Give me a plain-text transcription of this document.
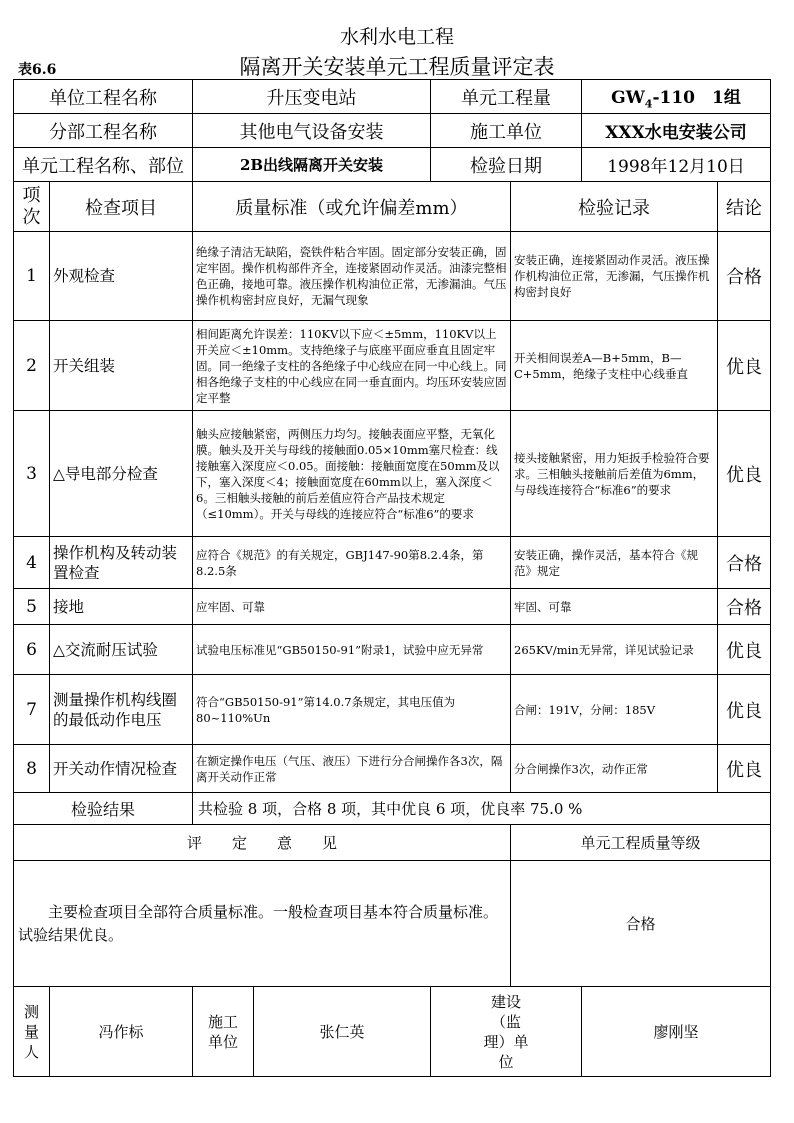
水利水电工程
隔离开关安装单元工程质量评定表
表6.6
单位工程名称		升压变电站		单元工程量		$GW_4-110$　1组	
分部工程名称		其他电气设备安装		施工单位		XXX水电安装公司	
单元工程名称、部位		2B出线隔离开关安装		检验日期		1998年12月10日	
项次	检查项目	质量标准（或允许偏差mm）			检验记录		结论
1	外观检查	绝缘子清洁无缺陷，瓷铁件粘合牢固。固定部分安装正确，固定牢固。操作机构部件齐全，连接紧固动作灵活。油漆完整相色正确，接地可靠。液压操作机构油位正常，无渗漏油。气压操作机构密封应良好，无漏气现象			安装正确，连接紧固动作灵活。液压操作机构油位正常，无渗漏，气压操作机构密封良好		合格
2	开关组装	相间距离允许误差：110KV以下应＜±5mm，110KV以上开关应＜±10mm。支持绝缘子与底座平面应垂直且固定牢固。同一绝缘子支柱的各绝缘子中心线应在同一中心线上。同相各绝缘子支柱的中心线应在同一垂直面内。均压环安装应固定平整			开关相间误差A—B+5mm，B—C+5mm，绝缘子支柱中心线垂直		优良
3	△导电部分检查	触头应接触紧密，两侧压力均匀。接触表面应平整，无氧化膜。触头及开关与母线的接触面0.05×10mm塞尺检查：线接触塞入深度应＜0.05。面接触：接触面宽度在50mm及以下，塞入深度＜4；接触面宽度在60mm以上，塞入深度＜6。三相触头接触的前后差值应符合产品技术规定（≤10mm）。开关与母线的连接应符合“标准6”的要求			接头接触紧密，用力矩扳手检验符合要求。三相触头接触前后差值为6mm，与母线连接符合“标准6”的要求		优良
4	操作机构及转动装置检查	应符合《规范》的有关规定，GBJ147-90第8.2.4条，第8.2.5条			安装正确，操作灵活，基本符合《规范》规定		合格
5	接地	应牢固、可靠			牢固、可靠		合格
6	△交流耐压试验	试验电压标准见“GB50150-91”附录1，试验中应无异常			265KV/min无异常，详见试验记录		优良
7	测量操作机构线圈的最低动作电压	符合“GB50150-91”第14.0.7条规定，其电压值为80~110%Un			合闸：191V，分闸：185V		优良
8	开关动作情况检查	在额定操作电压（气压、液压）下进行分合闸操作各3次，隔离开关动作正常			分合闸操作3次，动作正常		优良
检验结果		共检验 8 项，合格 8 项，其中优良 6 项，优良率 75.0 %					
评　　定　　意　　见					单元工程质量等级		
　　主要检查项目全部符合质量标准。一般检查项目基本符合质量标准。试验结果优良。					合格		
测量人	冯作标	施工单位	张仁英	建设（监理）单位		廖刚坚	
